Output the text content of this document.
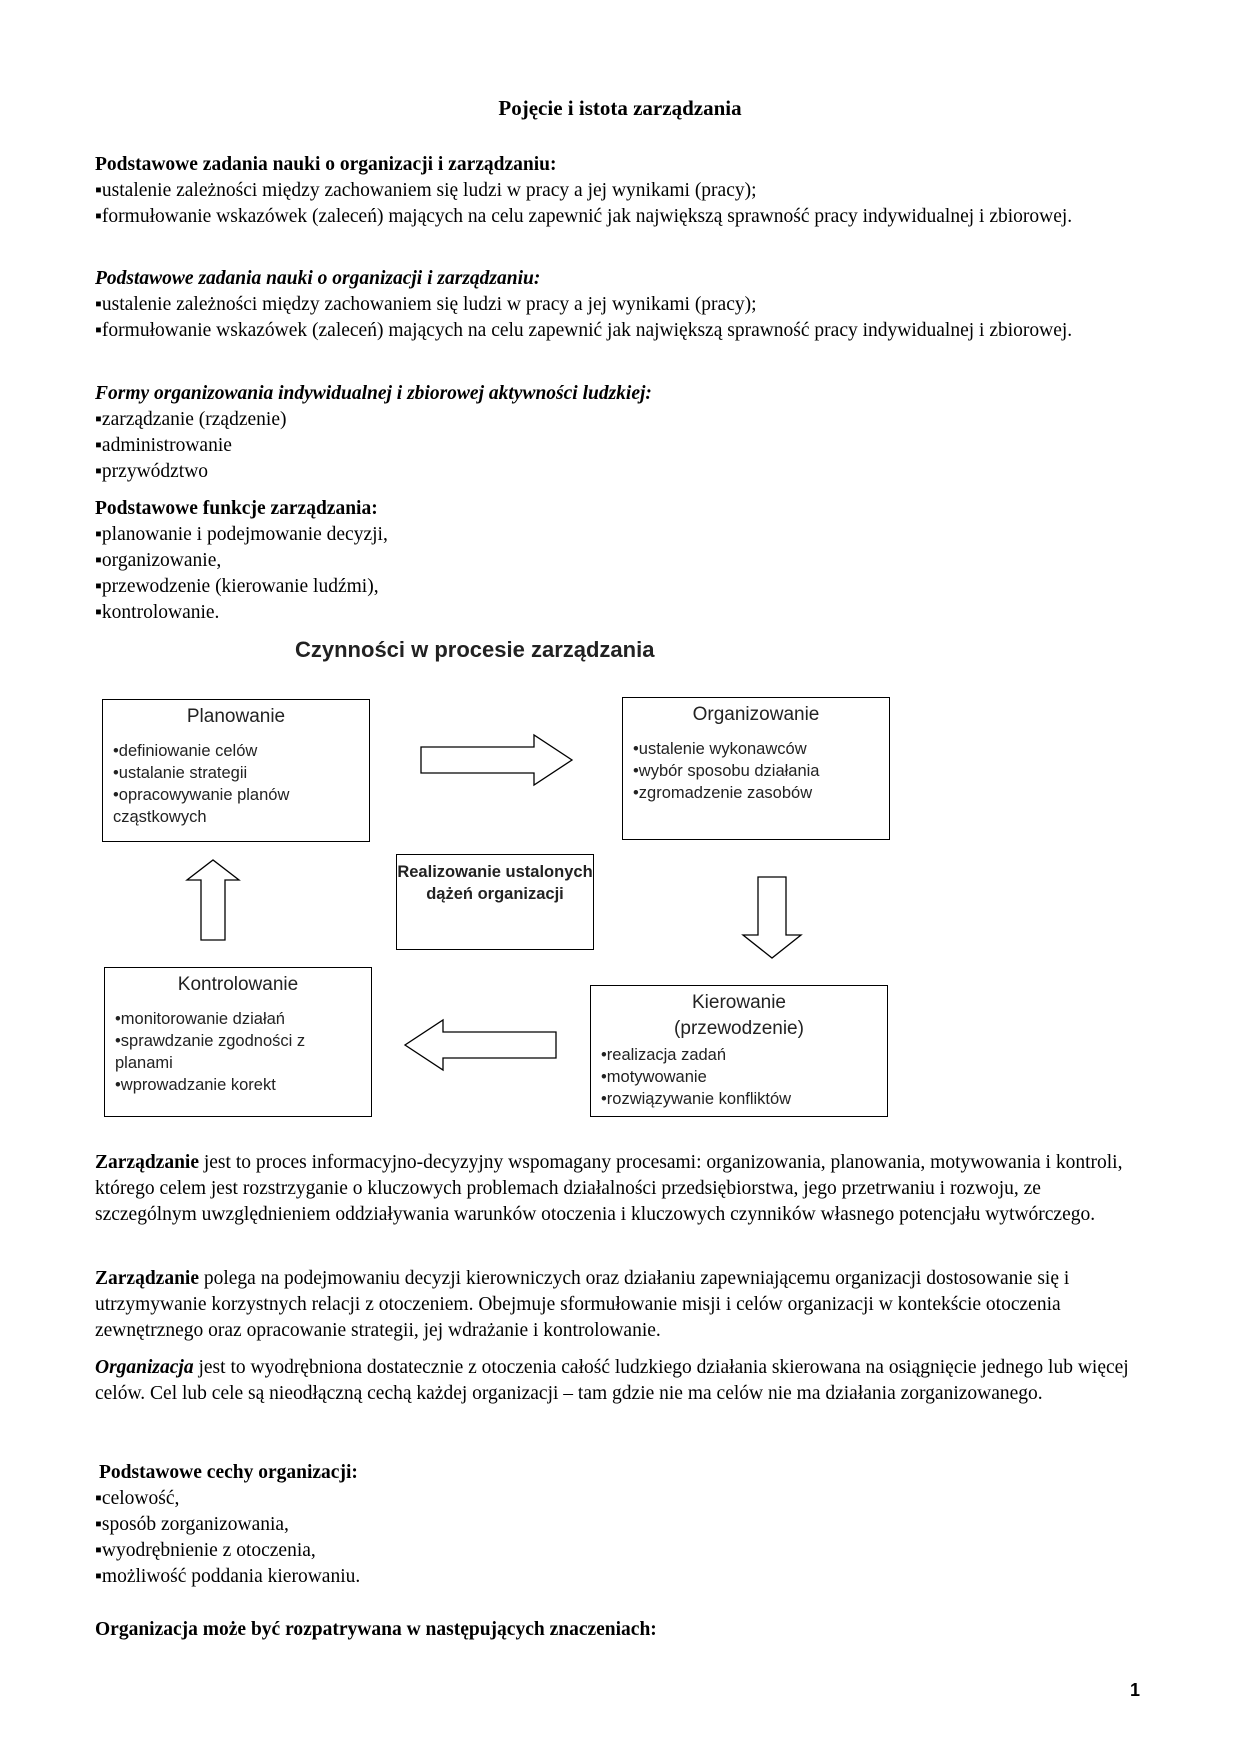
Pojęcie i istota zarządzania

Podstawowe zadania nauki o organizacji i zarządzaniu:

▪ ustalenie zależności między zachowaniem się ludzi w pracy a jej wynikami (pracy);

▪ formułowanie wskazówek (zaleceń) mających na celu zapewnić jak największą sprawność pracy indywidualnej i zbiorowej.

Podstawowe zadania nauki o organizacji i zarządzaniu:

▪ ustalenie zależności między zachowaniem się ludzi w pracy a jej wynikami (pracy);

▪ formułowanie wskazówek (zaleceń) mających na celu zapewnić jak największą sprawność pracy indywidualnej i zbiorowej.

Formy organizowania indywidualnej i zbiorowej aktywności ludzkiej:

▪ zarządzanie (rządzenie)

▪ administrowanie

▪ przywództwo

Podstawowe funkcje zarządzania:

▪ planowanie i podejmowanie decyzji,

▪ organizowanie,

▪ przewodzenie (kierowanie ludźmi),

▪ kontrolowanie.

Czynności w procesie zarządzania
Planowanie
• definiowanie celów
• ustalanie strategii
• opracowywanie planów cząstkowych
Organizowanie
• ustalenie wykonawców
• wybór sposobu działania
• zgromadzenie zasobów
Kierowanie (przewodzenie)
• realizacja zadań
• motywowanie
• rozwiązywanie konfliktów
Kontrolowanie
• monitorowanie działań
• sprawdzanie zgodności z planami
• wprowadzanie korekt
Realizowanie ustalonych dążeń organizacji

Zarządzanie jest to proces informacyjno-decyzyjny wspomagany procesami: organizowania, planowania, motywowania i kontroli, którego celem jest rozstrzyganie o kluczowych problemach działalności przedsiębiorstwa, jego przetrwaniu i rozwoju, ze szczególnym uwzględnieniem oddziaływania warunków otoczenia i kluczowych czynników własnego potencjału wytwórczego.

Zarządzanie polega na podejmowaniu decyzji kierowniczych oraz działaniu zapewniającemu organizacji dostosowanie się i utrzymywanie korzystnych relacji z otoczeniem. Obejmuje sformułowanie misji i celów organizacji w kontekście otoczenia zewnętrznego oraz opracowanie strategii, jej wdrażanie i kontrolowanie.

Organizacja jest to wyodrębniona dostatecznie z otoczenia całość ludzkiego działania skierowana na osiągnięcie jednego lub więcej celów. Cel lub cele są nieodłączną cechą każdej organizacji – tam gdzie nie ma celów nie ma działania zorganizowanego.

Podstawowe cechy organizacji:

▪ celowość,

▪ sposób zorganizowania,

▪ wyodrębnienie z otoczenia,

▪ możliwość poddania kierowaniu.

Organizacja może być rozpatrywana w następujących znaczeniach:

1
